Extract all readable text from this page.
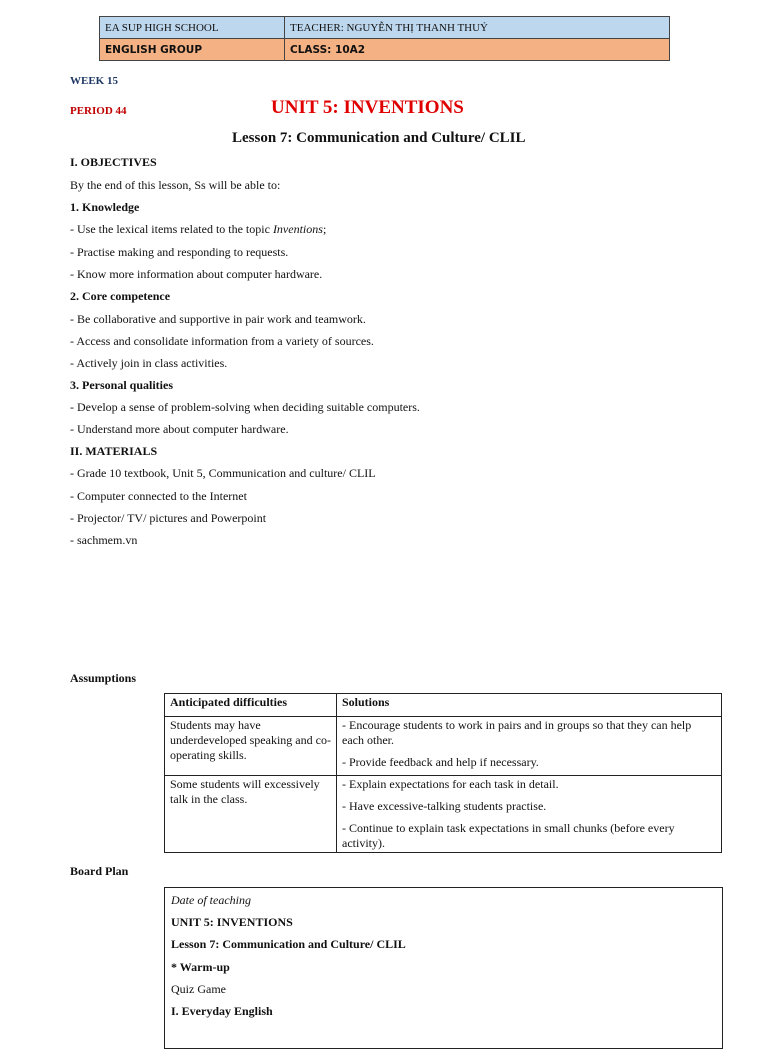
EA SUP HIGH SCHOOL	TEACHER: NGUYỄN THỊ THANH THUỶ
ENGLISH GROUP	CLASS: 10A2
WEEK 15
PERIOD 44	UNIT 5: INVENTIONS
Lesson 7: Communication and Culture/ CLIL
I. OBJECTIVES
By the end of this lesson, Ss will be able to:
1. Knowledge
- Use the lexical items related to the topic Inventions;
- Practise making and responding to requests.
- Know more information about computer hardware.
2. Core competence
- Be collaborative and supportive in pair work and teamwork.
- Access and consolidate information from a variety of sources.
- Actively join in class activities.
3. Personal qualities
- Develop a sense of problem-solving when deciding suitable computers.
- Understand more about computer hardware.
II. MATERIALS
- Grade 10 textbook, Unit 5, Communication and culture/ CLIL
- Computer connected to the Internet
- Projector/ TV/ pictures and Powerpoint
- sachmem.vn
Assumptions
Anticipated difficulties	Solutions
Students may have underdeveloped speaking and co-operating skills.	- Encourage students to work in pairs and in groups so that they can help each other.

- Provide feedback and help if necessary.

Some students will excessively talk in the class.	- Explain expectations for each task in detail.

- Have excessive-talking students practise.

- Continue to explain task expectations in small chunks (before every activity).

Board Plan
Date of teaching
UNIT 5: INVENTIONS
Lesson 7: Communication and Culture/ CLIL
* Warm-up
Quiz Game
I. Everyday English
